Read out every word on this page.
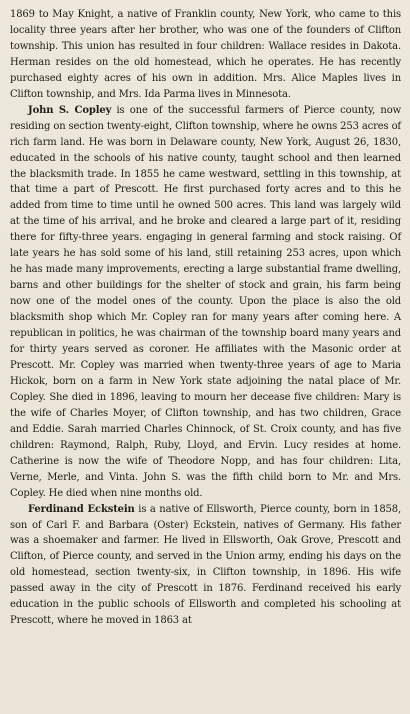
1869 to May Knight, a native of Franklin county, New York, who came to this locality three years after her brother, who was one of the founders of Clifton township. This union has resulted in four children: Wallace resides in Dakota. Herman resides on the old homestead, which he operates. He has recently purchased eighty acres of his own in addition. Mrs. Alice Maples lives in Clifton township, and Mrs. Ida Parma lives in Minnesota.

John S. Copley is one of the successful farmers of Pierce county, now residing on section twenty-eight, Clifton township, where he owns 253 acres of rich farm land. He was born in Delaware county, New York, August 26, 1830, educated in the schools of his native county, taught school and then learned the blacksmith trade. In 1855 he came westward, settling in this township, at that time a part of Prescott. He first purchased forty acres and to this he added from time to time until he owned 500 acres. This land was largely wild at the time of his arrival, and he broke and cleared a large part of it, residing there for fifty-three years. engaging in general farming and stock raising. Of late years he has sold some of his land, still retaining 253 acres, upon which he has made many improvements, erecting a large substantial frame dwelling, barns and other buildings for the shelter of stock and grain, his farm being now one of the model ones of the county. Upon the place is also the old blacksmith shop which Mr. Copley ran for many years after coming here. A republican in politics, he was chairman of the township board many years and for thirty years served as coroner. He affiliates with the Masonic order at Prescott. Mr. Copley was married when twenty-three years of age to Maria Hickok, born on a farm in New York state adjoining the natal place of Mr. Copley. She died in 1896, leaving to mourn her decease five children: Mary is the wife of Charles Moyer, of Clifton township, and has two children, Grace and Eddie. Sarah married Charles Chinnock, of St. Croix county, and has five children: Raymond, Ralph, Ruby, Lloyd, and Ervin. Lucy resides at home. Catherine is now the wife of Theodore Nopp, and has four children: Lita, Verne, Merle, and Vinta. John S. was the fifth child born to Mr. and Mrs. Copley. He died when nine months old.

Ferdinand Eckstein is a native of Ellsworth, Pierce county, born in 1858, son of Carl F. and Barbara (Oster) Eckstein, natives of Germany. His father was a shoemaker and farmer. He lived in Ellsworth, Oak Grove, Prescott and Clifton, of Pierce county, and served in the Union army, ending his days on the old homestead, section twenty-six, in Clifton township, in 1896. His wife passed away in the city of Prescott in 1876. Ferdinand received his early education in the public schools of Ellsworth and completed his schooling at Prescott, where he moved in 1863 at
